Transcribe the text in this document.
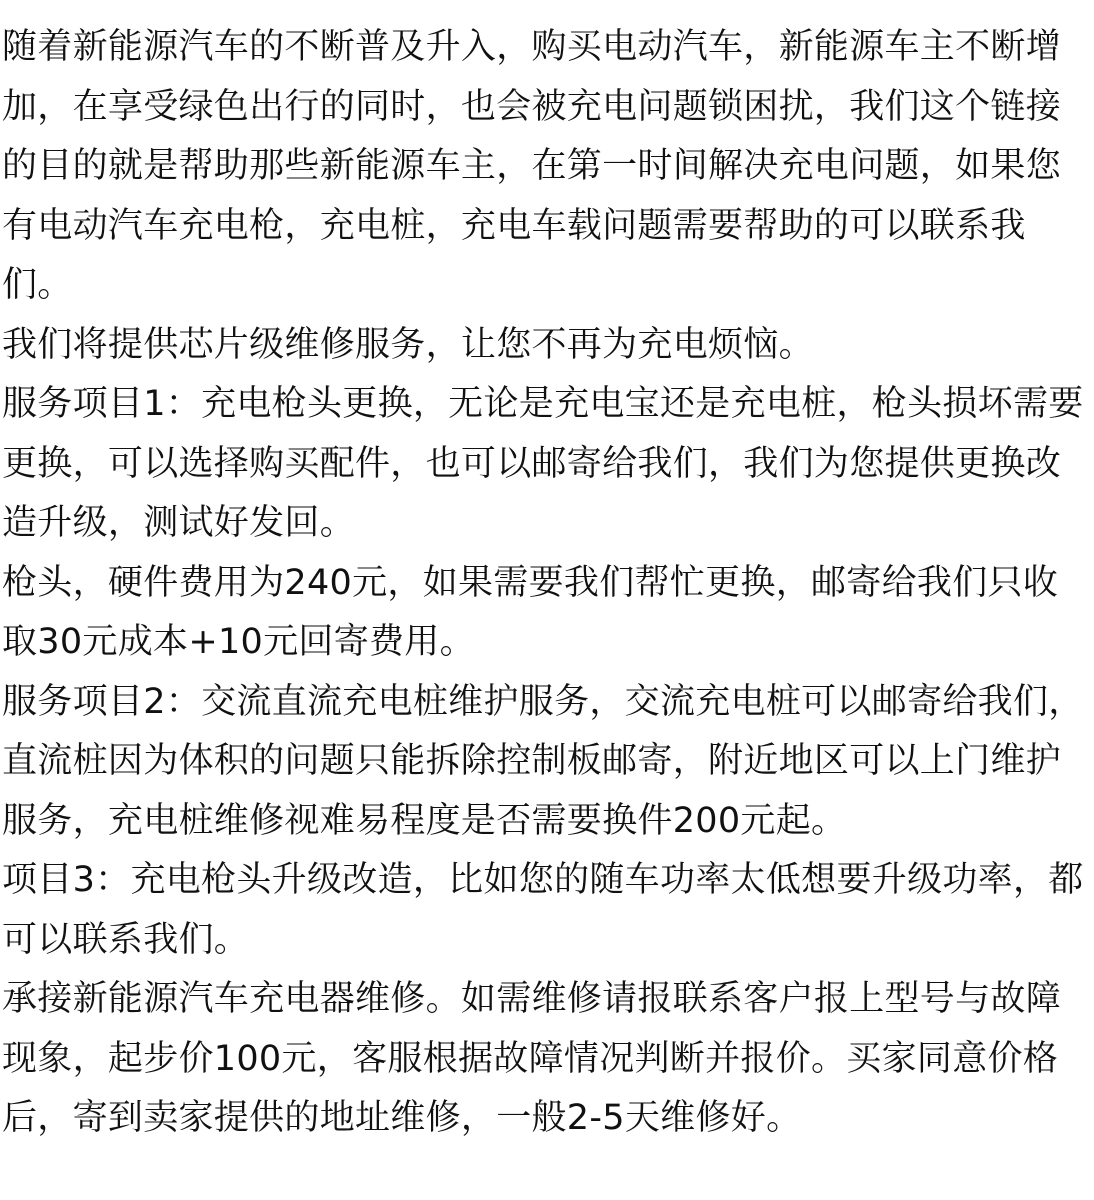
随着新能源汽车的不断普及升入，购买电动汽车，新能源车主不断增加，在享受绿色出行的同时，也会被充电问题锁困扰，我们这个链接的目的就是帮助那些新能源车主，在第一时间解决充电问题，如果您有电动汽车充电枪，充电桩，充电车载问题需要帮助的可以联系我们。

我们将提供芯片级维修服务，让您不再为充电烦恼。

服务项目1：充电枪头更换，无论是充电宝还是充电桩，枪头损坏需要更换，可以选择购买配件，也可以邮寄给我们，我们为您提供更换改造升级，测试好发回。

枪头，硬件费用为240元，如果需要我们帮忙更换，邮寄给我们只收取30元成本+10元回寄费用。

服务项目2：交流直流充电桩维护服务，交流充电桩可以邮寄给我们，直流桩因为体积的问题只能拆除控制板邮寄，附近地区可以上门维护服务，充电桩维修视难易程度是否需要换件200元起。

项目3：充电枪头升级改造，比如您的随车功率太低想要升级功率，都可以联系我们。

承接新能源汽车充电器维修。如需维修请报联系客户报上型号与故障现象，起步价100元，客服根据故障情况判断并报价。买家同意价格后，寄到卖家提供的地址维修，一般2-5天维修好。
